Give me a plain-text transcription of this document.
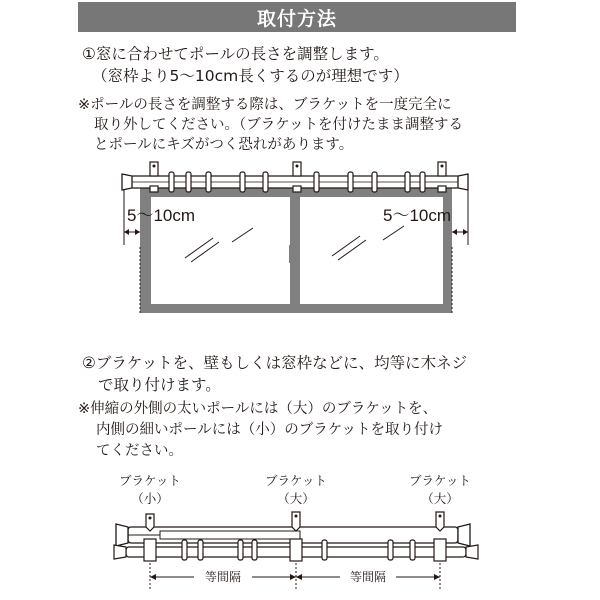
取付方法
①窓に合わせてポールの長さを調整します。
（窓枠より5〜10cm長くするのが理想です）
※ポールの長さを調整する際は、ブラケットを一度完全に
取り外してください。（ブラケットを付けたまま調整する
とポールにキズがつく恐れがあります。
5〜10cm	5〜10cm
等間隔	等間隔
②ブラケットを、壁もしくは窓枠などに、均等に木ネジ
で取り付けます。
※伸縮の外側の太いポールには（大）のブラケットを、
内側の細いポールには（小）のブラケットを取り付け
てください。
ブラケット
（小）
ブラケット
（大）
ブラケット
（大）
